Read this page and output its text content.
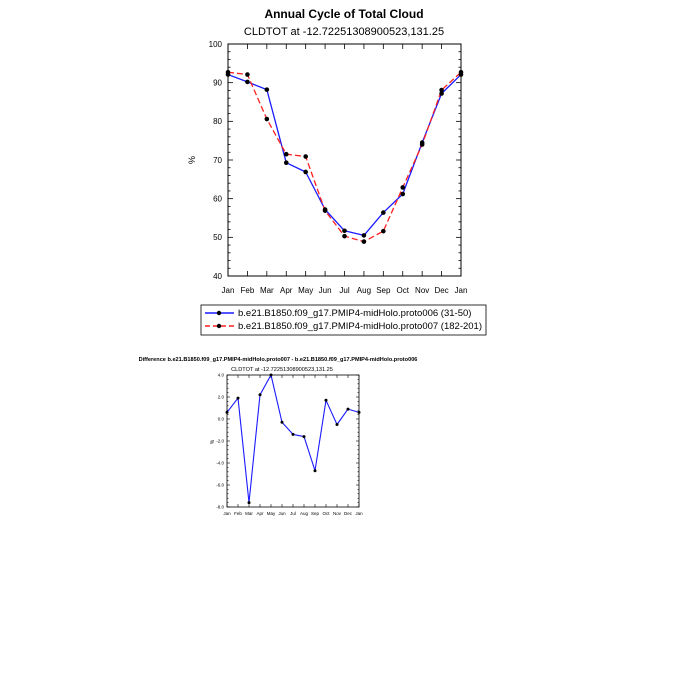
Annual Cycle of Total Cloud
CLDTOT at -12.72251308900523,131.25
%
Jan Feb Mar Apr May Jun Jul Aug Sep Oct Nov Dec Jan
40
50
60
70
80
90
100
b.e21.B1850.f09_g17.PMIP4-midHolo.proto006 (31-50)
b.e21.B1850.f09_g17.PMIP4-midHolo.proto007 (182-201)
Difference b.e21.B1850.f09_g17.PMIP4-midHolo.proto007 - b.e21.B1850.f09_g17.PMIP4-midHolo.proto006
CLDTOT at -12.72251308900523,131.25
%
Jan Feb Mar Apr May Jun Jul Aug Sep Oct Nov Dec Jan
-8.0
-6.0
-4.0
-2.0
0.0
2.0
4.0
